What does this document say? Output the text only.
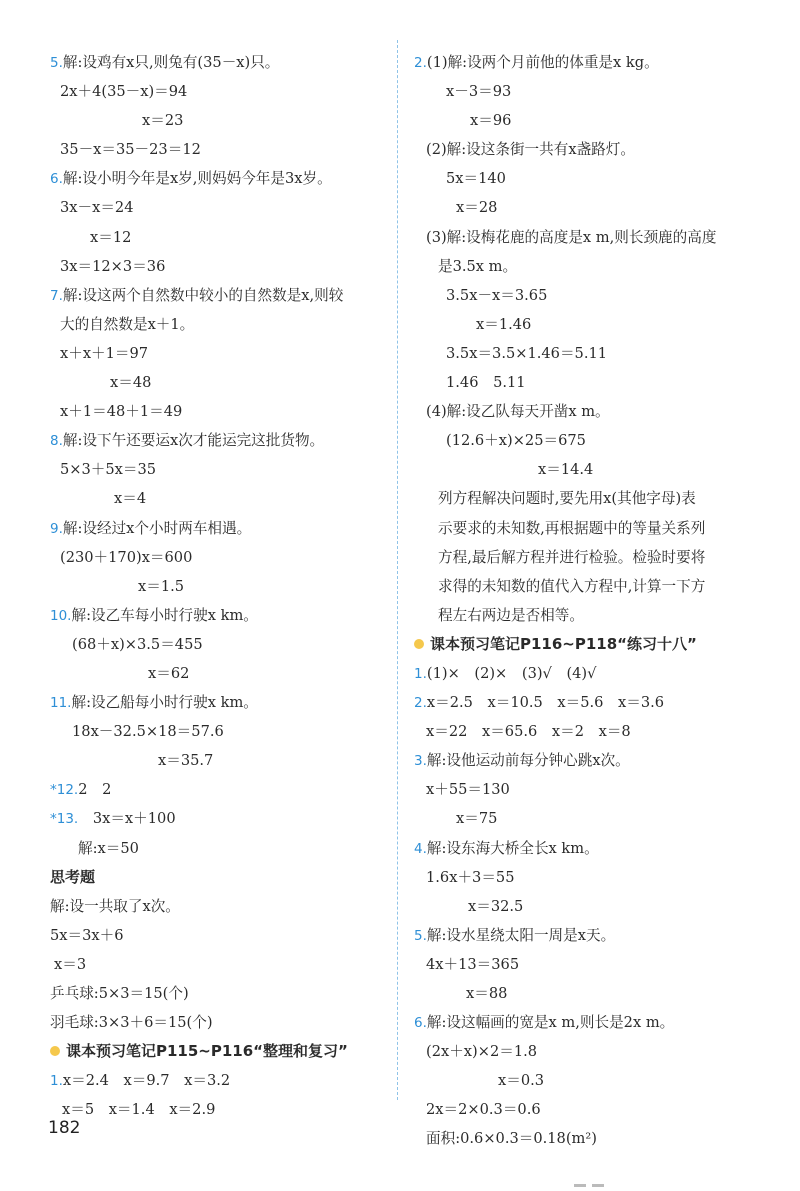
5.解:设鸡有x只,则兔有(35－x)只。
2x＋4(35－x)＝94
x＝23
35－x＝35－23＝12
6.解:设小明今年是x岁,则妈妈今年是3x岁。
3x－x＝24
x＝12
3x＝12×3＝36
7.解:设这两个自然数中较小的自然数是x,则较
大的自然数是x＋1。
x＋x＋1＝97
x＝48
x＋1＝48＋1＝49
8.解:设下午还要运x次才能运完这批货物。
5×3＋5x＝35
x＝4
9.解:设经过x个小时两车相遇。
(230＋170)x＝600
x＝1.5
10.解:设乙车每小时行驶x km。
(68＋x)×3.5＝455
x＝62
11.解:设乙船每小时行驶x km。
18x－32.5×18＝57.6
x＝35.7
*12.2　2
*13.　3x＝x＋100
解:x＝50
思考题
解:设一共取了x次。
5x＝3x＋6
x＝3
乒乓球:5×3＝15(个)
羽毛球:3×3＋6＝15(个)
课本预习笔记P115~P116“整理和复习”
1.x＝2.4　x＝9.7　x＝3.2
x＝5　x＝1.4　x＝2.9
2.(1)解:设两个月前他的体重是x kg。
x－3＝93
x＝96
(2)解:设这条街一共有x盏路灯。
5x＝140
x＝28
(3)解:设梅花鹿的高度是x m,则长颈鹿的高度
是3.5x m。
3.5x－x＝3.65
x＝1.46
3.5x＝3.5×1.46＝5.11
1.46　5.11
(4)解:设乙队每天开凿x m。
(12.6＋x)×25＝675
x＝14.4
列方程解决问题时,要先用x(其他字母)表
示要求的未知数,再根据题中的等量关系列
方程,最后解方程并进行检验。检验时要将
求得的未知数的值代入方程中,计算一下方
程左右两边是否相等。
课本预习笔记P116~P118“练习十八”
1.(1)×　(2)×　(3)√　(4)√
2.x＝2.5　x＝10.5　x＝5.6　x＝3.6
x＝22　x＝65.6　x＝2　x＝8
3.解:设他运动前每分钟心跳x次。
x＋55＝130
x＝75
4.解:设东海大桥全长x km。
1.6x＋3＝55
x＝32.5
5.解:设水星绕太阳一周是x天。
4x＋13＝365
x＝88
6.解:设这幅画的宽是x m,则长是2x m。
(2x＋x)×2＝1.8
x＝0.3
2x＝2×0.3＝0.6
面积:0.6×0.3＝0.18(m²)
182
